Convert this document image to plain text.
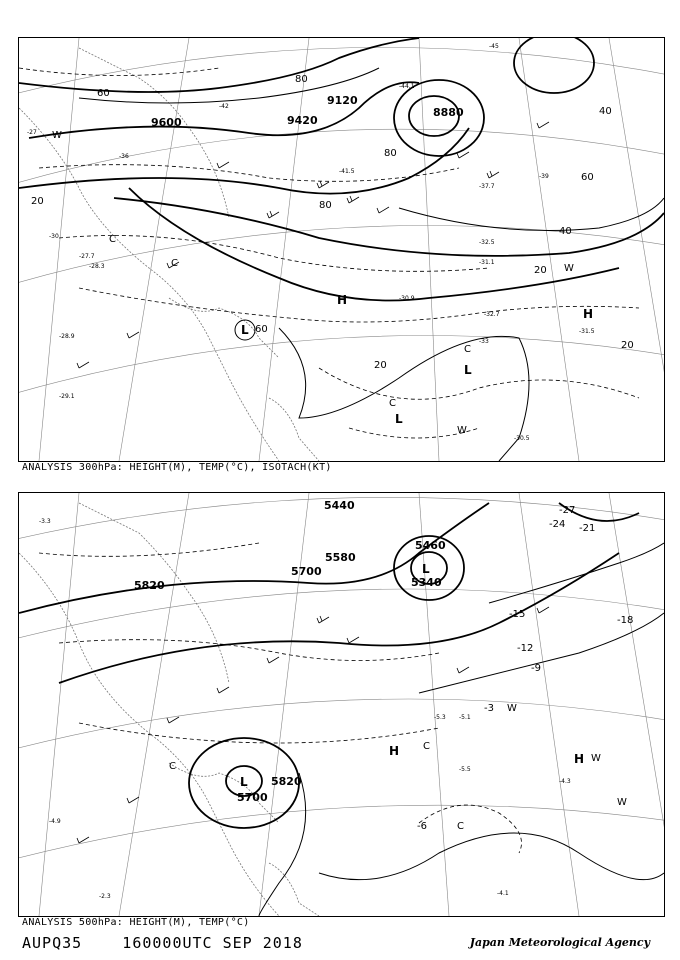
9600	9420
9120
8880
20
20
20
20
40
40
60
60
60
80
80
80
-27
-30
-33
-36
-39
-42
-45
-31.5
-32.7
-30.9
-30.5
-32.5
-31.1
-28.9
-27.7
-29.1
-28.3
-37.7
-41.5
-44.1
H
H
L
L
L
C
C
C
C
W
W
W
ANALYSIS 300hPa: HEIGHT(M), TEMP(°C), ISOTACH(KT)
5820
5700
5580
5460
5340
5440
5700
5820
-3
-6
-9
-12
-15
-18
-21
-24
-27
-4.9
-5.3 -5.1
-4.1
-5.5
-4.3
-2.3
-3.3
H
H
L
L
C
C
C
W
W
W
ANALYSIS 500hPa: HEIGHT(M), TEMP(°C)
AUPQ35    160000UTC SEP 2018	Japan Meteorological Agency
